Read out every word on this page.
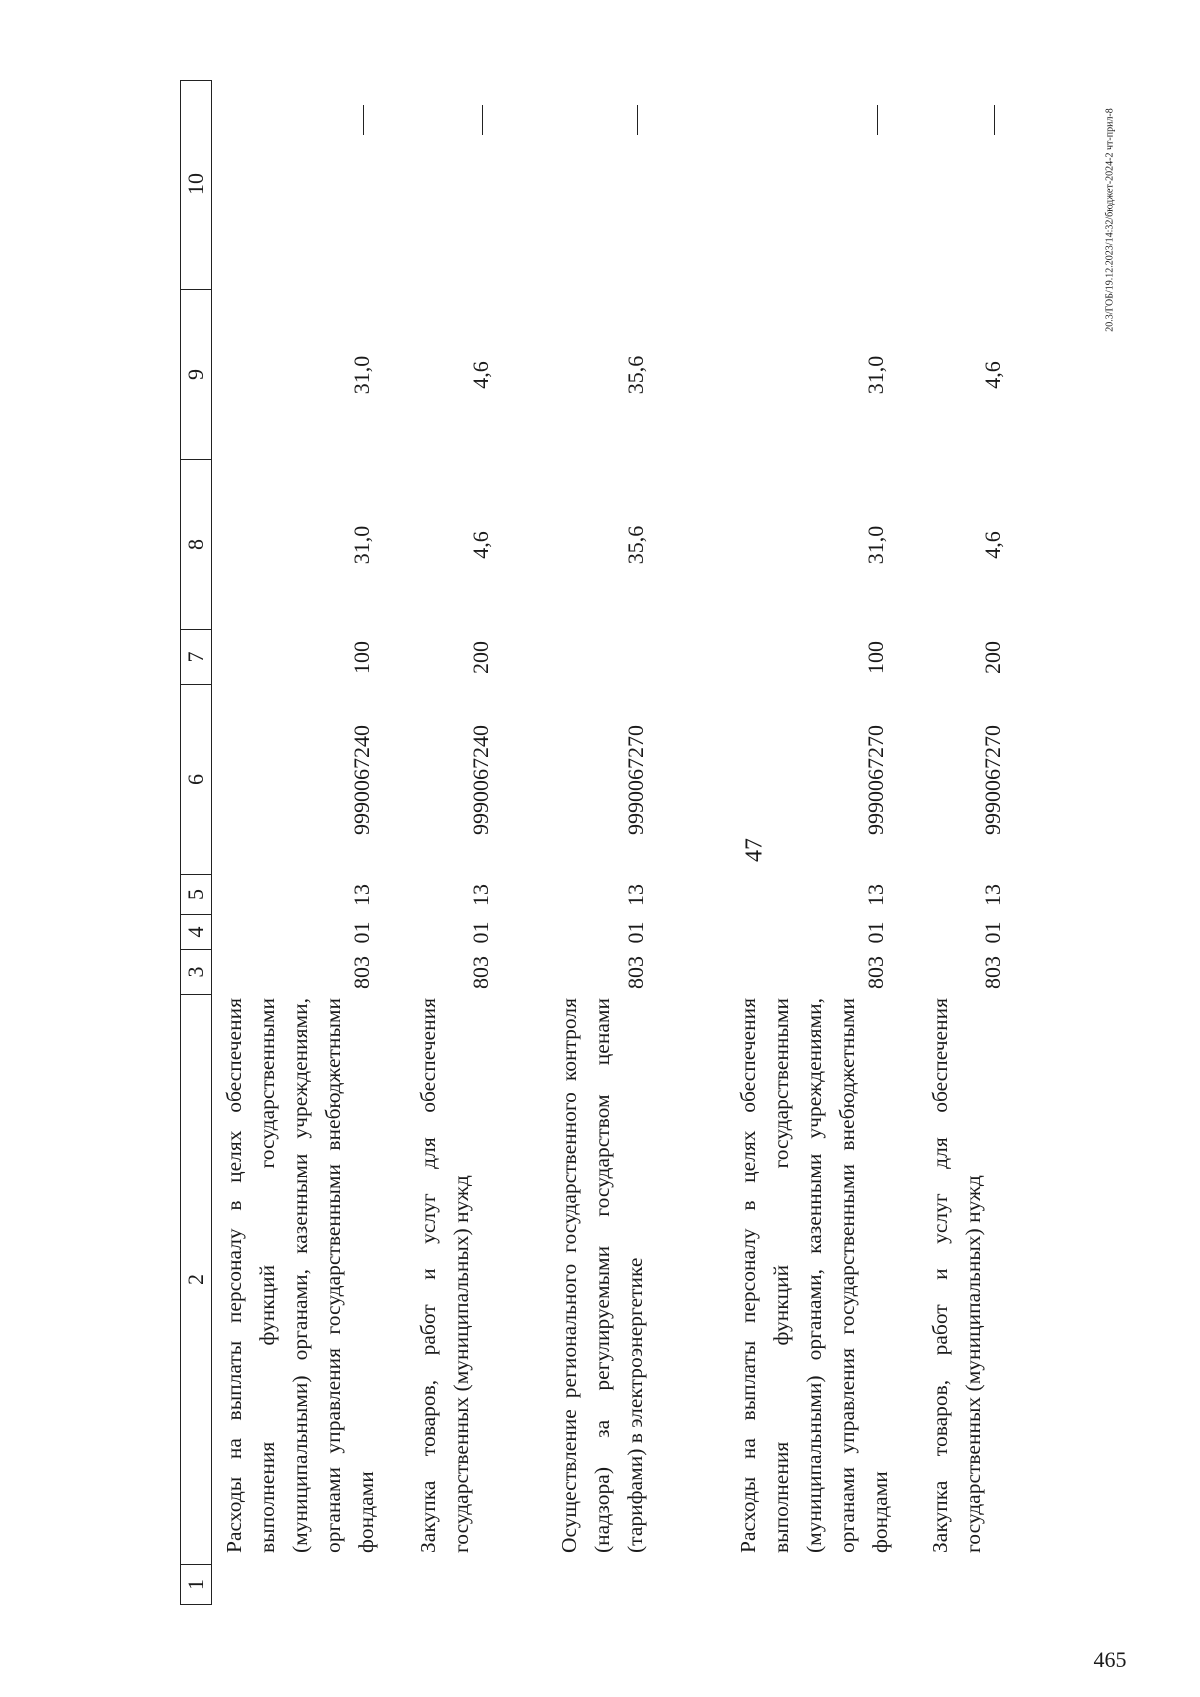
47
20.3/ГОБ/19.12.2023/14:32/бюджет-2024-2 чт-прил-8
465
1
2
3
4
5
6
7
8
9
10
Расходы на выплаты персоналу в целях обеспечения выполнения функций государственными (муниципальными) органами, казенными учреждениями, органами управления государственными внебюджетными фондами
803
01
13
9990067240
100
31,0
31,0
Закупка товаров, работ и услуг для обеспечения государственных (муниципальных) нужд
803
01
13
9990067240
200
4,6
4,6
Осуществление регионального государственного контроля (надзора) за регулируемыми государством ценами (тарифами) в электроэнергетике
803
01
13
9990067270
35,6
35,6
Расходы на выплаты персоналу в целях обеспечения выполнения функций государственными (муниципальными) органами, казенными учреждениями, органами управления государственными внебюджетными фондами
803
01
13
9990067270
100
31,0
31,0
Закупка товаров, работ и услуг для обеспечения государственных (муниципальных) нужд
803
01
13
9990067270
200
4,6
4,6
